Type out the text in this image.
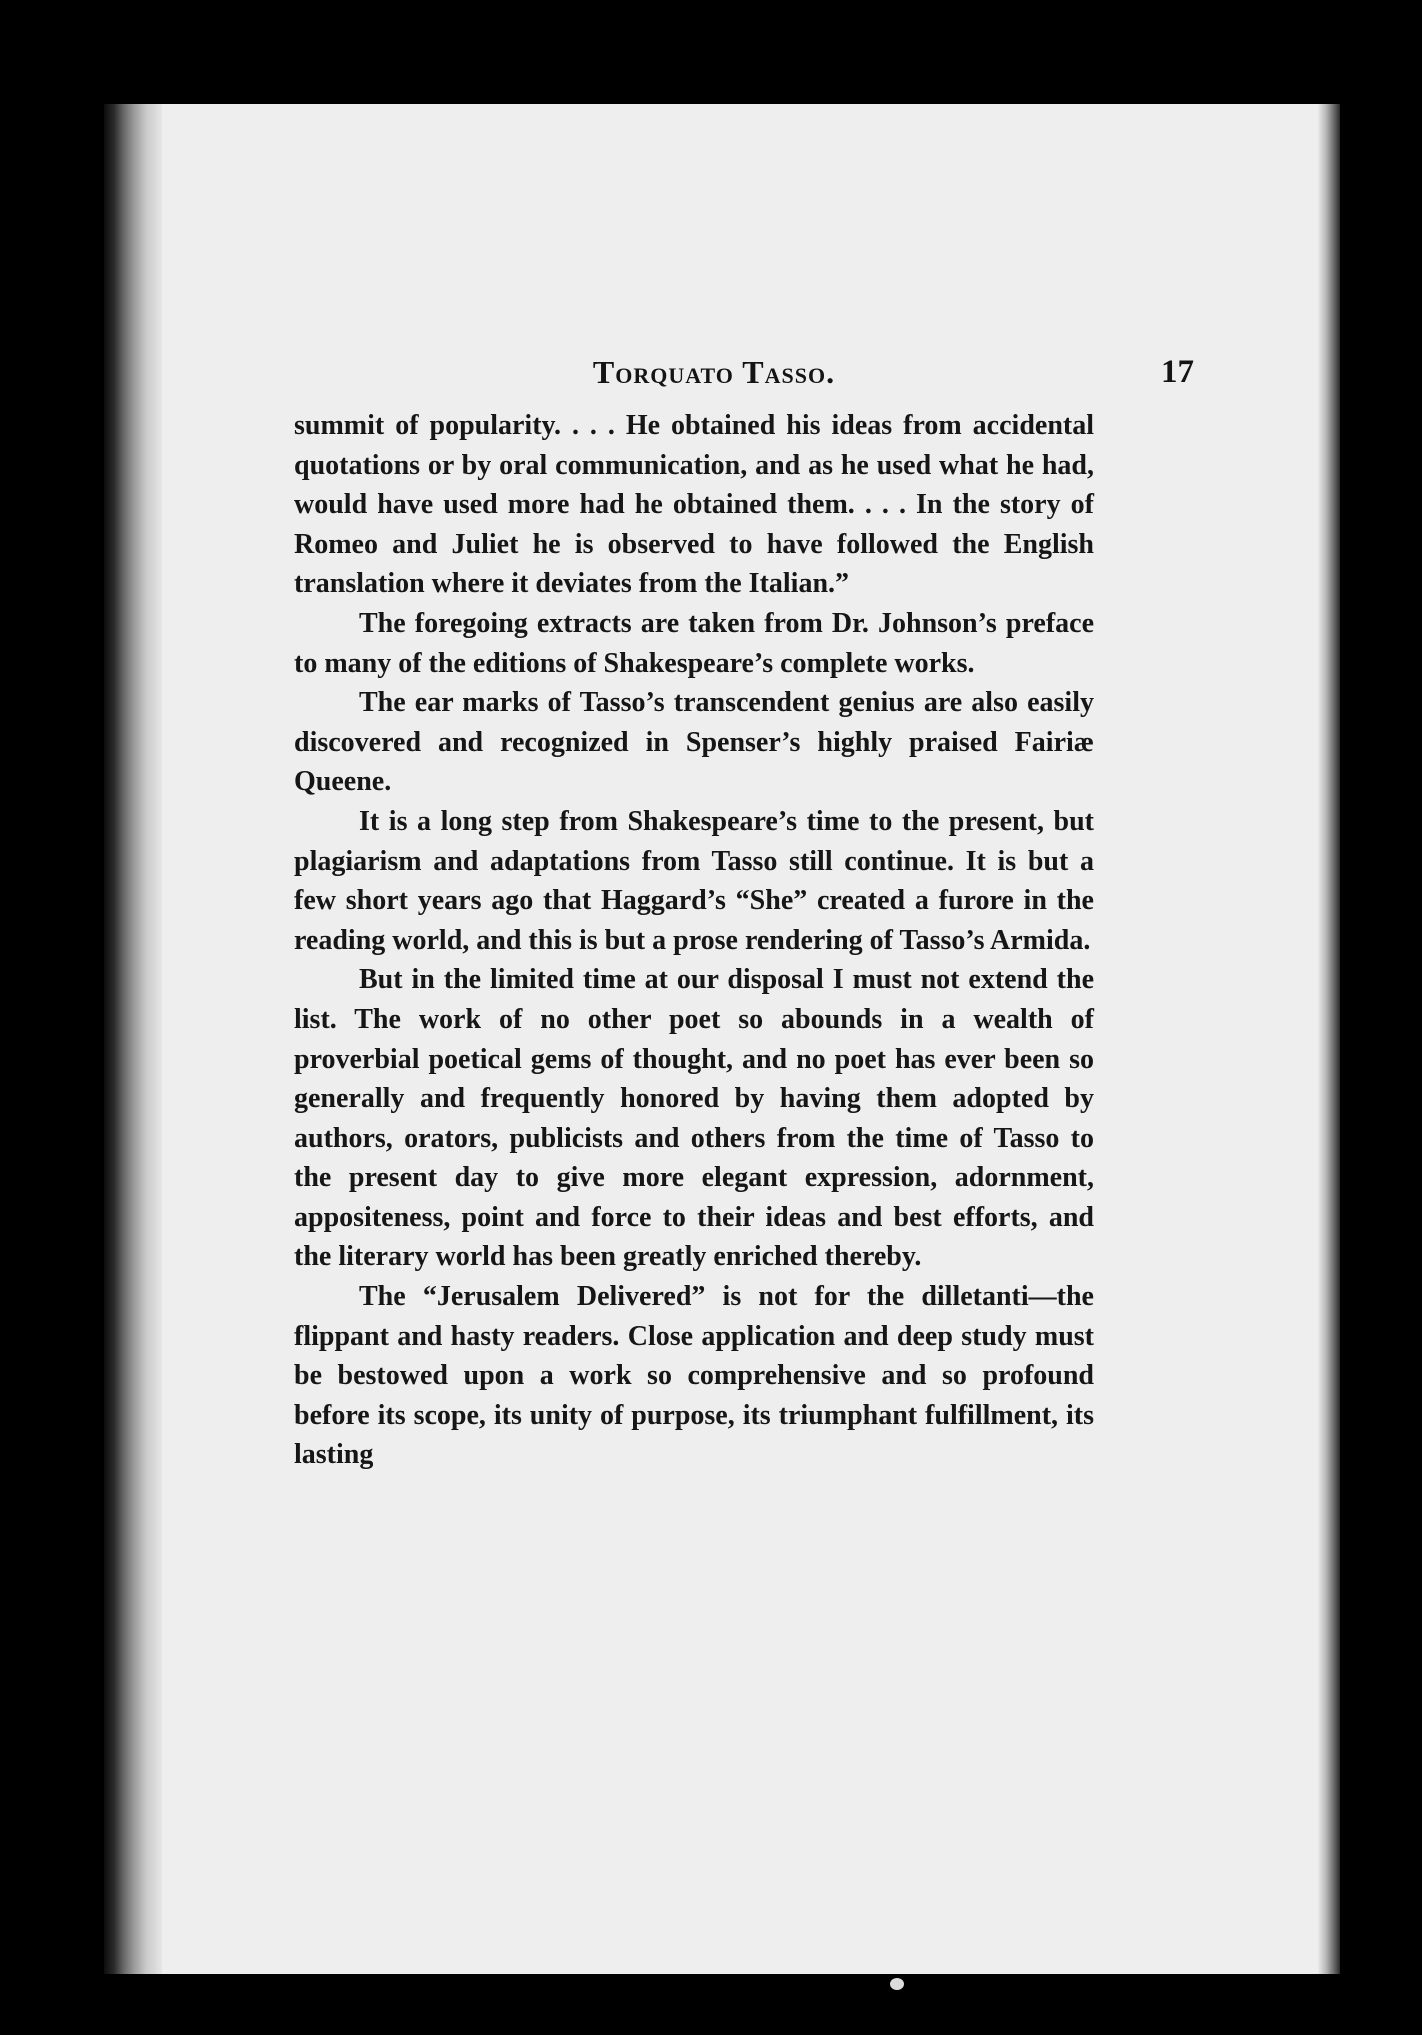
Torquato Tasso.	17

summit of popularity. . . . He obtained his ideas from accidental quotations or by oral communication, and as he used what he had, would have used more had he obtained them. . . . In the story of Romeo and Juliet he is observed to have followed the English translation where it deviates from the Italian.”

The foregoing extracts are taken from Dr. Johnson’s preface to many of the editions of Shakespeare’s complete works.

The ear marks of Tasso’s transcendent genius are also easily discovered and recognized in Spenser’s highly praised Fairiæ Queene.

It is a long step from Shakespeare’s time to the present, but plagiarism and adaptations from Tasso still continue. It is but a few short years ago that Haggard’s “She” created a furore in the reading world, and this is but a prose rendering of Tasso’s Armida.

But in the limited time at our disposal I must not extend the list. The work of no other poet so abounds in a wealth of proverbial poetical gems of thought, and no poet has ever been so generally and frequently honored by having them adopted by authors, orators, publicists and others from the time of Tasso to the present day to give more elegant expression, adornment, appositeness, point and force to their ideas and best efforts, and the literary world has been greatly enriched thereby.

The “Jerusalem Delivered” is not for the dilletanti—the flippant and hasty readers. Close application and deep study must be bestowed upon a work so comprehensive and so profound before its scope, its unity of purpose, its triumphant fulfillment, its lasting
